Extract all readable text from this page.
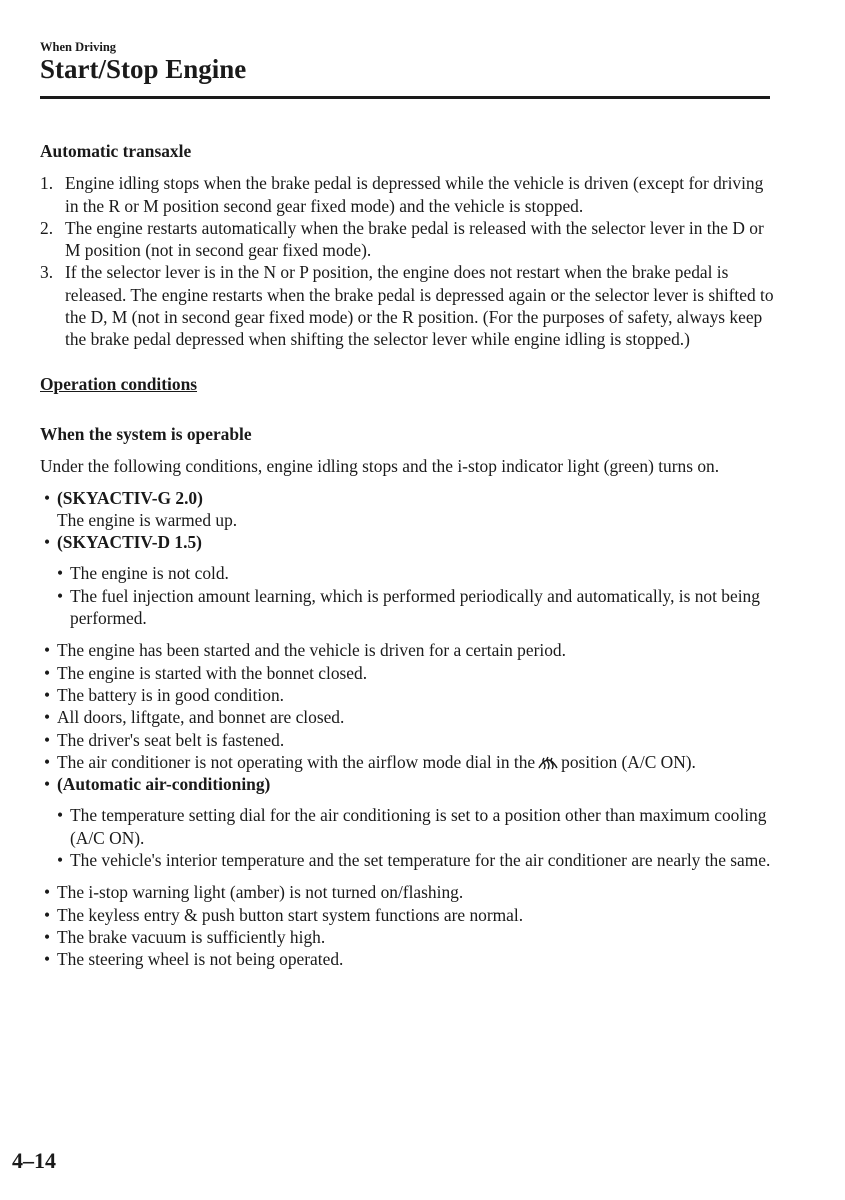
When Driving
Start/Stop Engine
Automatic transaxle
1. Engine idling stops when the brake pedal is depressed while the vehicle is driven (except for driving in the R or M position second gear fixed mode) and the vehicle is stopped.
2. The engine restarts automatically when the brake pedal is released with the selector lever in the D or M position (not in second gear fixed mode).
3. If the selector lever is in the N or P position, the engine does not restart when the brake pedal is released. The engine restarts when the brake pedal is depressed again or the selector lever is shifted to the D, M (not in second gear fixed mode) or the R position. (For the purposes of safety, always keep the brake pedal depressed when shifting the selector lever while engine idling is stopped.)
Operation conditions
When the system is operable
Under the following conditions, engine idling stops and the i-stop indicator light (green) turns on.
• (SKYACTIV-G 2.0)
The engine is warmed up.
• (SKYACTIV-D 1.5)
• The engine is not cold.
• The fuel injection amount learning, which is performed periodically and automatically, is not being performed.
• The engine has been started and the vehicle is driven for a certain period.
• The engine is started with the bonnet closed.
• The battery is in good condition.
• All doors, liftgate, and bonnet are closed.
• The driver's seat belt is fastened.
• The air conditioner is not operating with the airflow mode dial in the position (A/C ON).
• (Automatic air-conditioning)
• The temperature setting dial for the air conditioning is set to a position other than maximum cooling (A/C ON).
• The vehicle's interior temperature and the set temperature for the air conditioner are nearly the same.
• The i-stop warning light (amber) is not turned on/flashing.
• The keyless entry & push button start system functions are normal.
• The brake vacuum is sufficiently high.
• The steering wheel is not being operated.
4–14
